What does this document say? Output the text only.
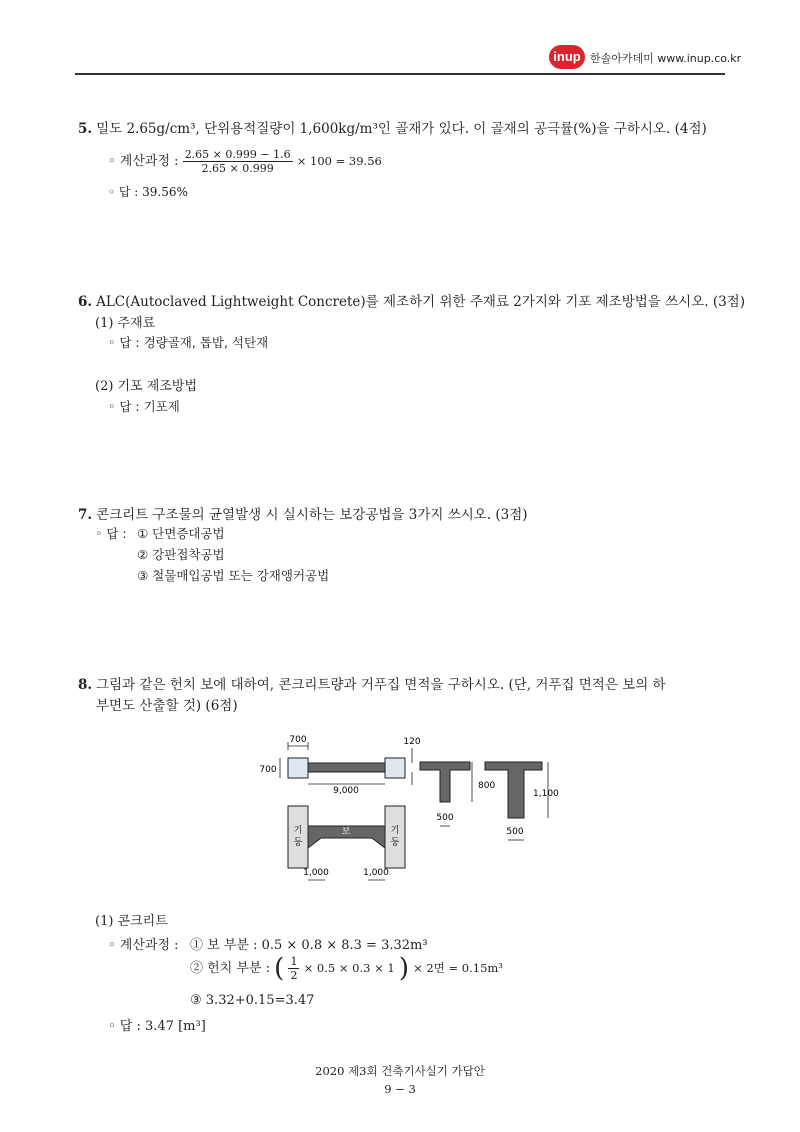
inup 한솔아카데미 www.inup.co.kr
5. 밀도 2.65g/cm³, 단위용적질량이 1,600kg/m³인 골재가 있다. 이 골재의 공극률(%)을 구하시오. (4점)
◦ 계산과정 : $\frac{2.65 \times 0.999 - 1.6}{2.65 \times 0.999} \times 100 = 39.56$
◦ 답 : 39.56%
6. ALC(Autoclaved Lightweight Concrete)를 제조하기 위한 주재료 2가지와 기포 제조방법을 쓰시오. (3점)
(1) 주재료
◦ 답 : 경량골재, 톱밥, 석탄재
(2) 기포 제조방법
◦ 답 : 기포제
7. 콘크리트 구조물의 균열발생 시 실시하는 보강공법을 3가지 쓰시오. (3점)
◦ 답 : ① 단면증대공법
② 강판접착공법
③ 철물매입공법 또는 강재앵커공법
8. 그림과 같은 헌치 보에 대하여, 콘크리트량과 거푸집 면적을 구하시오. (단, 거푸집 면적은 보의 하
부면도 산출할 것) (6점)
700
700
9,000
120
800
500
1,100
500
기
둥
기
둥
보
1,000	1,000
(1) 콘크리트
◦ 계산과정 : ① 보 부분 : 0.5 × 0.8 × 8.3 = 3.32m³
② 헌치 부분 : ( $\frac{1}{2} \times 0.5 \times 0.3 \times 1$ ) × 2면 = 0.15m³
③ 3.32+0.15=3.47
◦ 답 : 3.47 [m³]
2020 제3회 건축기사실기 가답안
9 − 3
